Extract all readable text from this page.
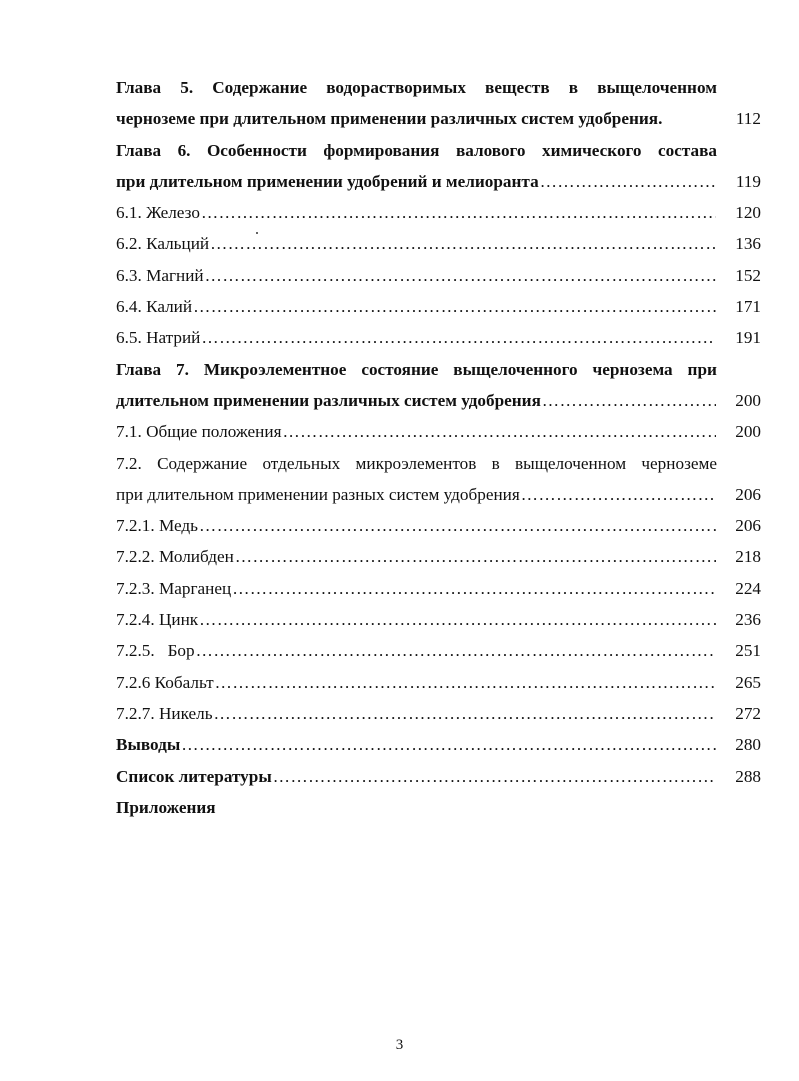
Глава 5. Содержание водорастворимых веществ в выщелоченном
черноземе при длительном применении различных систем удобрения.	112
Глава 6. Особенности формирования валового химического состава
при длительном применении удобрений и мелиоранта ……………………………………………………………………………………………………………………………………………………	119
6.1. Железо ……………………………………………………………………………………………………………………………………………………	120
6.2. Кальций ……………………………………………………………………………………………………………………………………………………	136
6.3. Магний ……………………………………………………………………………………………………………………………………………………	152
6.4. Калий ……………………………………………………………………………………………………………………………………………………	171
6.5. Натрий ……………………………………………………………………………………………………………………………………………………	191
Глава 7. Микроэлементное состояние выщелоченного чернозема при
длительном применении различных систем удобрения ……………………………………………………………………………………………………………………………………………………	200
7.1. Общие положения ……………………………………………………………………………………………………………………………………………………	200
7.2. Содержание отдельных микроэлементов в выщелоченном черноземе
при длительном применении разных систем удобрения ……………………………………………………………………………………………………………………………………………………	206
7.2.1. Медь ……………………………………………………………………………………………………………………………………………………	206
7.2.2. Молибден ……………………………………………………………………………………………………………………………………………………	218
7.2.3. Марганец ……………………………………………………………………………………………………………………………………………………	224
7.2.4. Цинк ……………………………………………………………………………………………………………………………………………………	236
7.2.5.   Бор ……………………………………………………………………………………………………………………………………………………	251
7.2.6 Кобальт ……………………………………………………………………………………………………………………………………………………	265
7.2.7. Никель ……………………………………………………………………………………………………………………………………………………	272
Выводы ……………………………………………………………………………………………………………………………………………………	280
Список литературы ……………………………………………………………………………………………………………………………………………………	288
Приложения
3
